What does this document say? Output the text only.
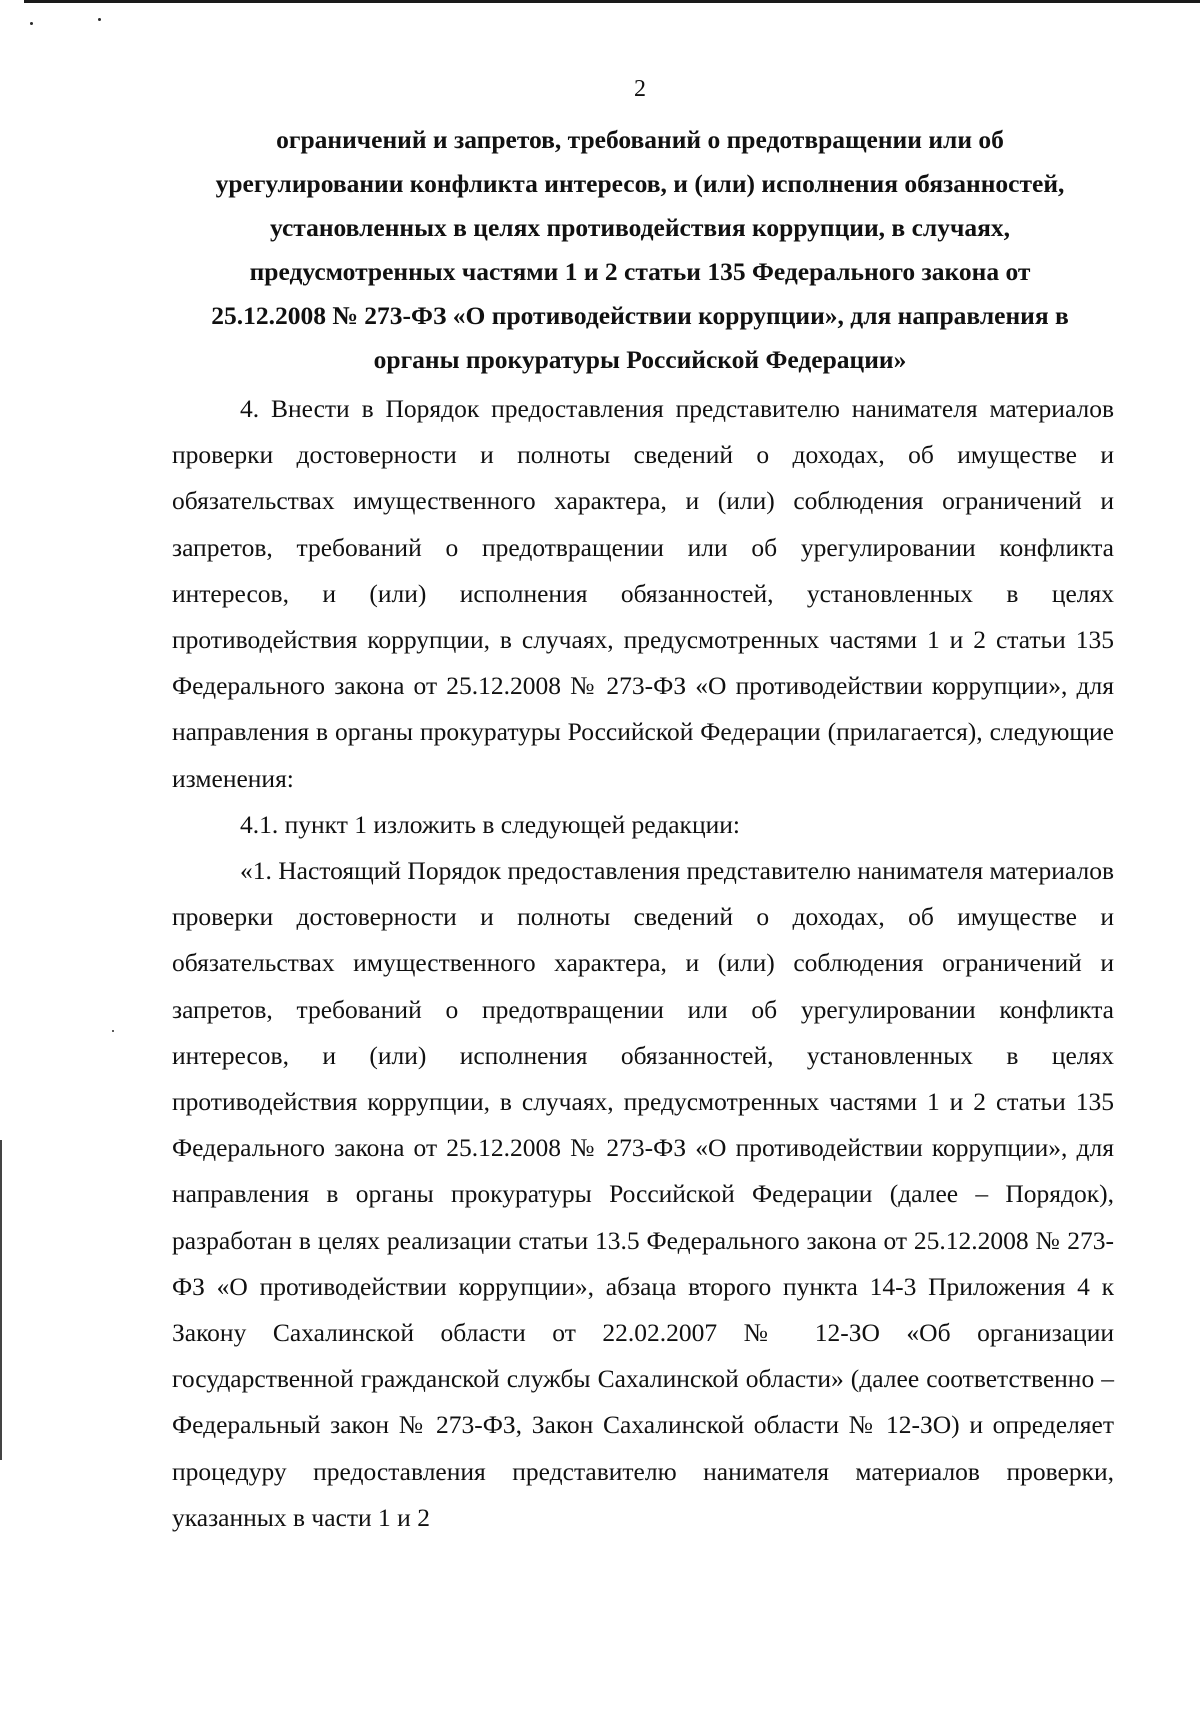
2
ограничений и запретов, требований о предотвращении или об
урегулировании конфликта интересов, и (или) исполнения обязанностей,
установленных в целях противодействия коррупции, в случаях,
предусмотренных частями 1 и 2 статьи 135 Федерального закона от
25.12.2008 № 273-ФЗ «О противодействии коррупции», для направления в
органы прокуратуры Российской Федерации»

4. Внести в Порядок предоставления представителю нанимателя материалов проверки достоверности и полноты сведений о доходах, об имуществе и обязательствах имущественного характера, и (или) соблюдения ограничений и запретов, требований о предотвращении или об урегулировании конфликта интересов, и (или) исполнения обязанностей, установленных в целях противодействия коррупции, в случаях, предусмотренных частями 1 и 2 статьи 135 Федерального закона от 25.12.2008 № 273-ФЗ «О противодействии коррупции», для направления в органы прокуратуры Российской Федерации (прилагается), следующие изменения:

4.1. пункт 1 изложить в следующей редакции:

«1. Настоящий Порядок предоставления представителю нанимателя материалов проверки достоверности и полноты сведений о доходах, об имуществе и обязательствах имущественного характера, и (или) соблюдения ограничений и запретов, требований о предотвращении или об урегулировании конфликта интересов, и (или) исполнения обязанностей, установленных в целях противодействия коррупции, в случаях, предусмотренных частями 1 и 2 статьи 135 Федерального закона от 25.12.2008 № 273-ФЗ «О противодействии коррупции», для направления в органы прокуратуры Российской Федерации (далее – Порядок), разработан в целях реализации статьи 13.5 Федерального закона от 25.12.2008 № 273-ФЗ «О противодействии коррупции», абзаца второго пункта 14-3 Приложения 4 к Закону Сахалинской области от 22.02.2007 № 12-ЗО «Об организации государственной гражданской службы Сахалинской области» (далее соответственно – Федеральный закон № 273-ФЗ, Закон Сахалинской области № 12-ЗО) и определяет процедуру предоставления представителю нанимателя материалов проверки, указанных в части 1 и 2
